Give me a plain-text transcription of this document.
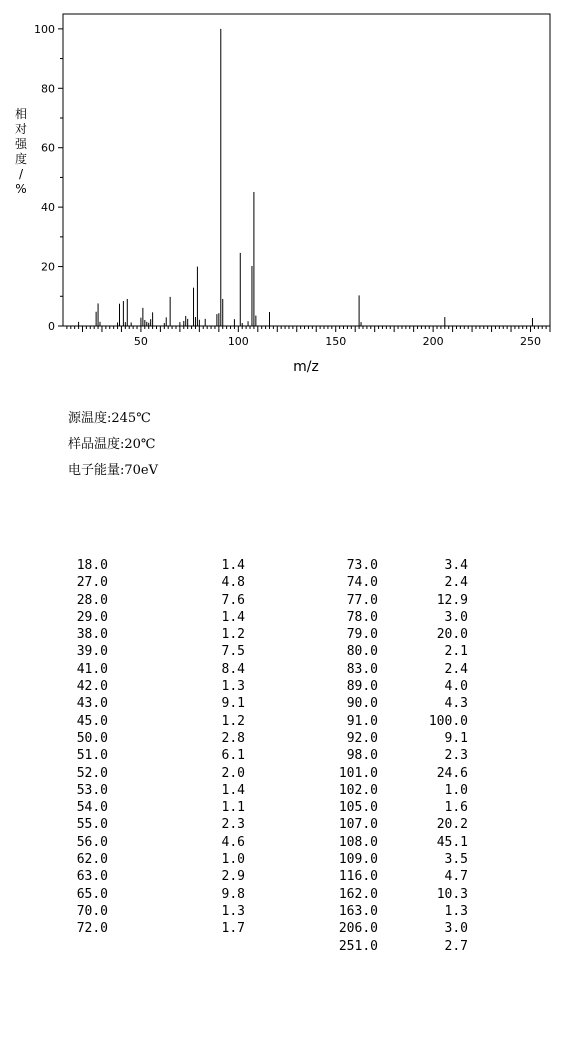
0
20
40
60
80
100
50	100	150	200	250
m/z
相对强度/ %
源温度:245℃
样品温度:20℃
电子能量:70eV
18.0	1.4
27.0	4.8
28.0	7.6
29.0	1.4
38.0	1.2
39.0	7.5
41.0	8.4
42.0	1.3
43.0	9.1
45.0	1.2
50.0	2.8
51.0	6.1
52.0	2.0
53.0	1.4
54.0	1.1
55.0	2.3
56.0	4.6
62.0	1.0
63.0	2.9
65.0	9.8
70.0	1.3
72.0	1.7
73.0	3.4
74.0	2.4
77.0	12.9
78.0	3.0
79.0	20.0
80.0	2.1
83.0	2.4
89.0	4.0
90.0	4.3
91.0	100.0
92.0	9.1
98.0	2.3
101.0	24.6
102.0	1.0
105.0	1.6
107.0	20.2
108.0	45.1
109.0	3.5
116.0	4.7
162.0	10.3
163.0	1.3
206.0	3.0
251.0	2.7
